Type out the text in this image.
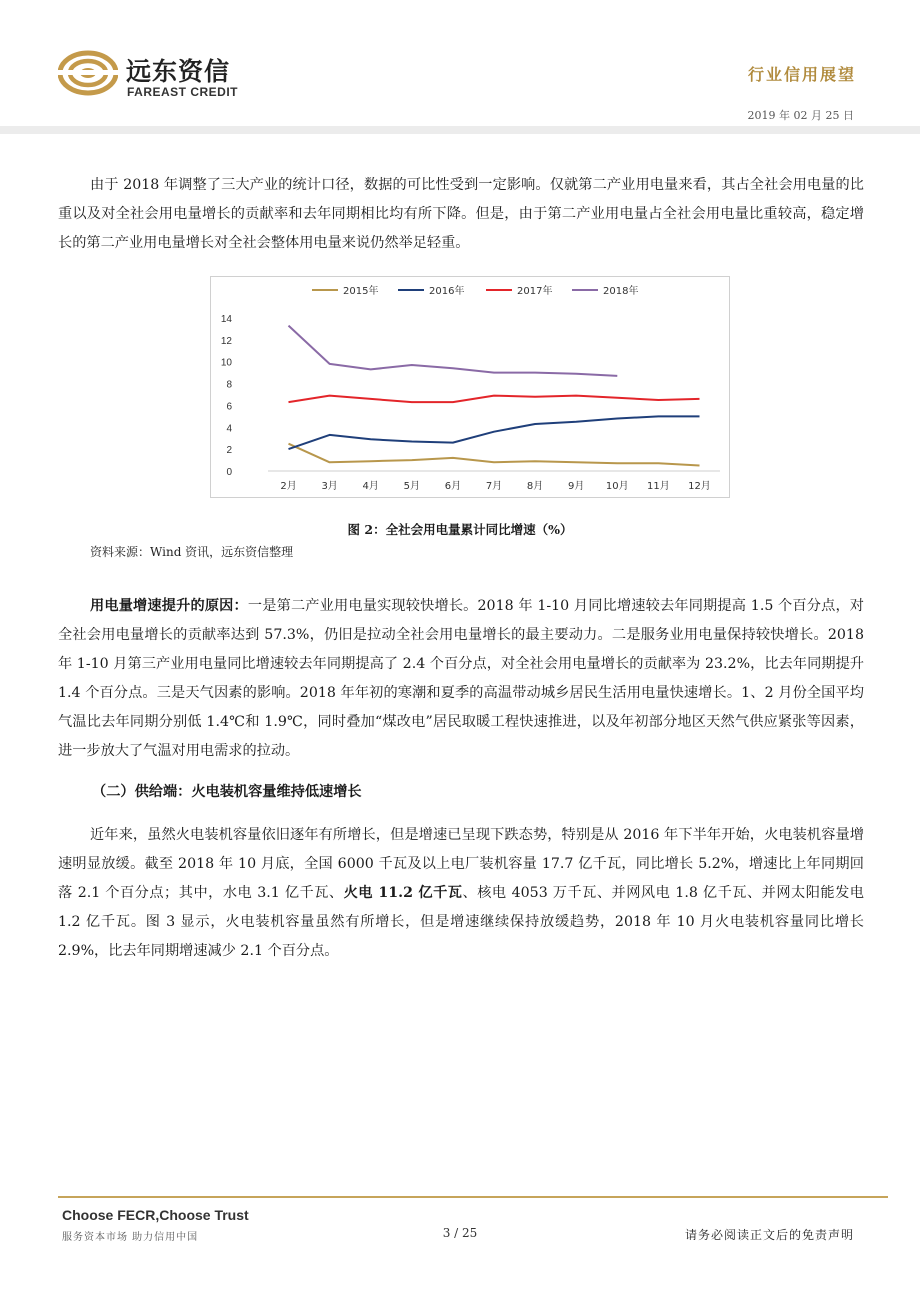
远东资信
FAREAST CREDIT
行业信用展望
2019 年 02 月 25 日

由于 2018 年调整了三大产业的统计口径，数据的可比性受到一定影响。仅就第二产业用电量来看，其占全社会用电量的比重以及对全社会用电量增长的贡献率和去年同期相比均有所下降。但是，由于第二产业用电量占全社会用电量比重较高，稳定增长的第二产业用电量增长对全社会整体用电量来说仍然举足轻重。

0
2
4
6
8
10
12
14
2月 3月 4月 5月 6月 7月 8月 9月 10月 11月 12月
2015年	2016年	2017年	2018年
图 2：全社会用电量累计同比增速（%）
资料来源：Wind 资讯，远东资信整理

用电量增速提升的原因：一是第二产业用电量实现较快增长。2018 年 1-10 月同比增速较去年同期提高 1.5 个百分点，对全社会用电量增长的贡献率达到 57.3%，仍旧是拉动全社会用电量增长的最主要动力。二是服务业用电量保持较快增长。2018 年 1-10 月第三产业用电量同比增速较去年同期提高了 2.4 个百分点，对全社会用电量增长的贡献率为 23.2%，比去年同期提升 1.4 个百分点。三是天气因素的影响。2018 年年初的寒潮和夏季的高温带动城乡居民生活用电量快速增长。1、2 月份全国平均气温比去年同期分别低 1.4℃和 1.9℃，同时叠加“煤改电”居民取暖工程快速推进，以及年初部分地区天然气供应紧张等因素，进一步放大了气温对用电需求的拉动。

（二）供给端：火电装机容量维持低速增长

近年来，虽然火电装机容量依旧逐年有所增长，但是增速已呈现下跌态势，特别是从 2016 年下半年开始，火电装机容量增速明显放缓。截至 2018 年 10 月底，全国 6000 千瓦及以上电厂装机容量 17.7 亿千瓦，同比增长 5.2%，增速比上年同期回落 2.1 个百分点；其中，水电 3.1 亿千瓦、火电 11.2 亿千瓦、核电 4053 万千瓦、并网风电 1.8 亿千瓦、并网太阳能发电 1.2 亿千瓦。图 3 显示，火电装机容量虽然有所增长，但是增速继续保持放缓趋势，2018 年 10 月火电装机容量同比增长 2.9%，比去年同期增速减少 2.1 个百分点。

Choose FECR,Choose Trust
服务资本市场 助力信用中国	3 / 25	请务必阅读正文后的免责声明
